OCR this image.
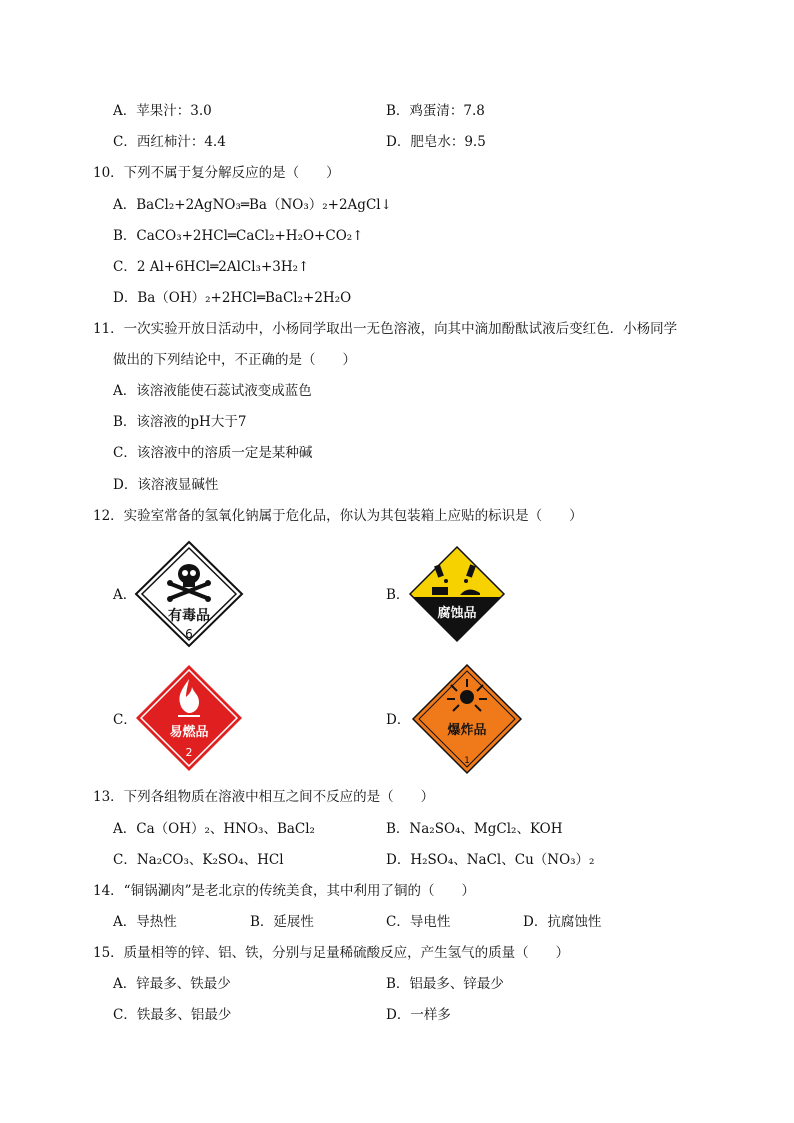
A．苹果汁：3.0	B．鸡蛋清：7.8
C．西红柿汁：4.4	D．肥皂水：9.5
10．下列不属于复分解反应的是（　　）
A．BaCl₂+2AgNO₃═Ba（NO₃）₂+2AgCl↓
B．CaCO₃+2HCl═CaCl₂+H₂O+CO₂↑
C．2 Al+6HCl═2AlCl₃+3H₂↑
D．Ba（OH）₂+2HCl═BaCl₂+2H₂O
11．一次实验开放日活动中，小杨同学取出一无色溶液，向其中滴加酚酞试液后变红色．小杨同学
做出的下列结论中，不正确的是（　　）
A．该溶液能使石蕊试液变成蓝色
B．该溶液的pH大于7
C．该溶液中的溶质一定是某种碱
D．该溶液显碱性
12．实验室常备的氢氧化钠属于危化品，你认为其包装箱上应贴的标识是（　　）
A．	B．
C．	D．
有毒品
6
腐蚀品
易燃品
2
爆炸品
1
13．下列各组物质在溶液中相互之间不反应的是（　　）
A．Ca（OH）₂、HNO₃、BaCl₂	B．Na₂SO₄、MgCl₂、KOH
C．Na₂CO₃、K₂SO₄、HCl	D．H₂SO₄、NaCl、Cu（NO₃）₂
14．“铜锅涮肉”是老北京的传统美食，其中利用了铜的（　　）
A．导热性	B．延展性	C．导电性	D．抗腐蚀性
15．质量相等的锌、铝、铁，分别与足量稀硫酸反应，产生氢气的质量（　　）
A．锌最多、铁最少	B．铝最多、锌最少
C．铁最多、铝最少	D．一样多
